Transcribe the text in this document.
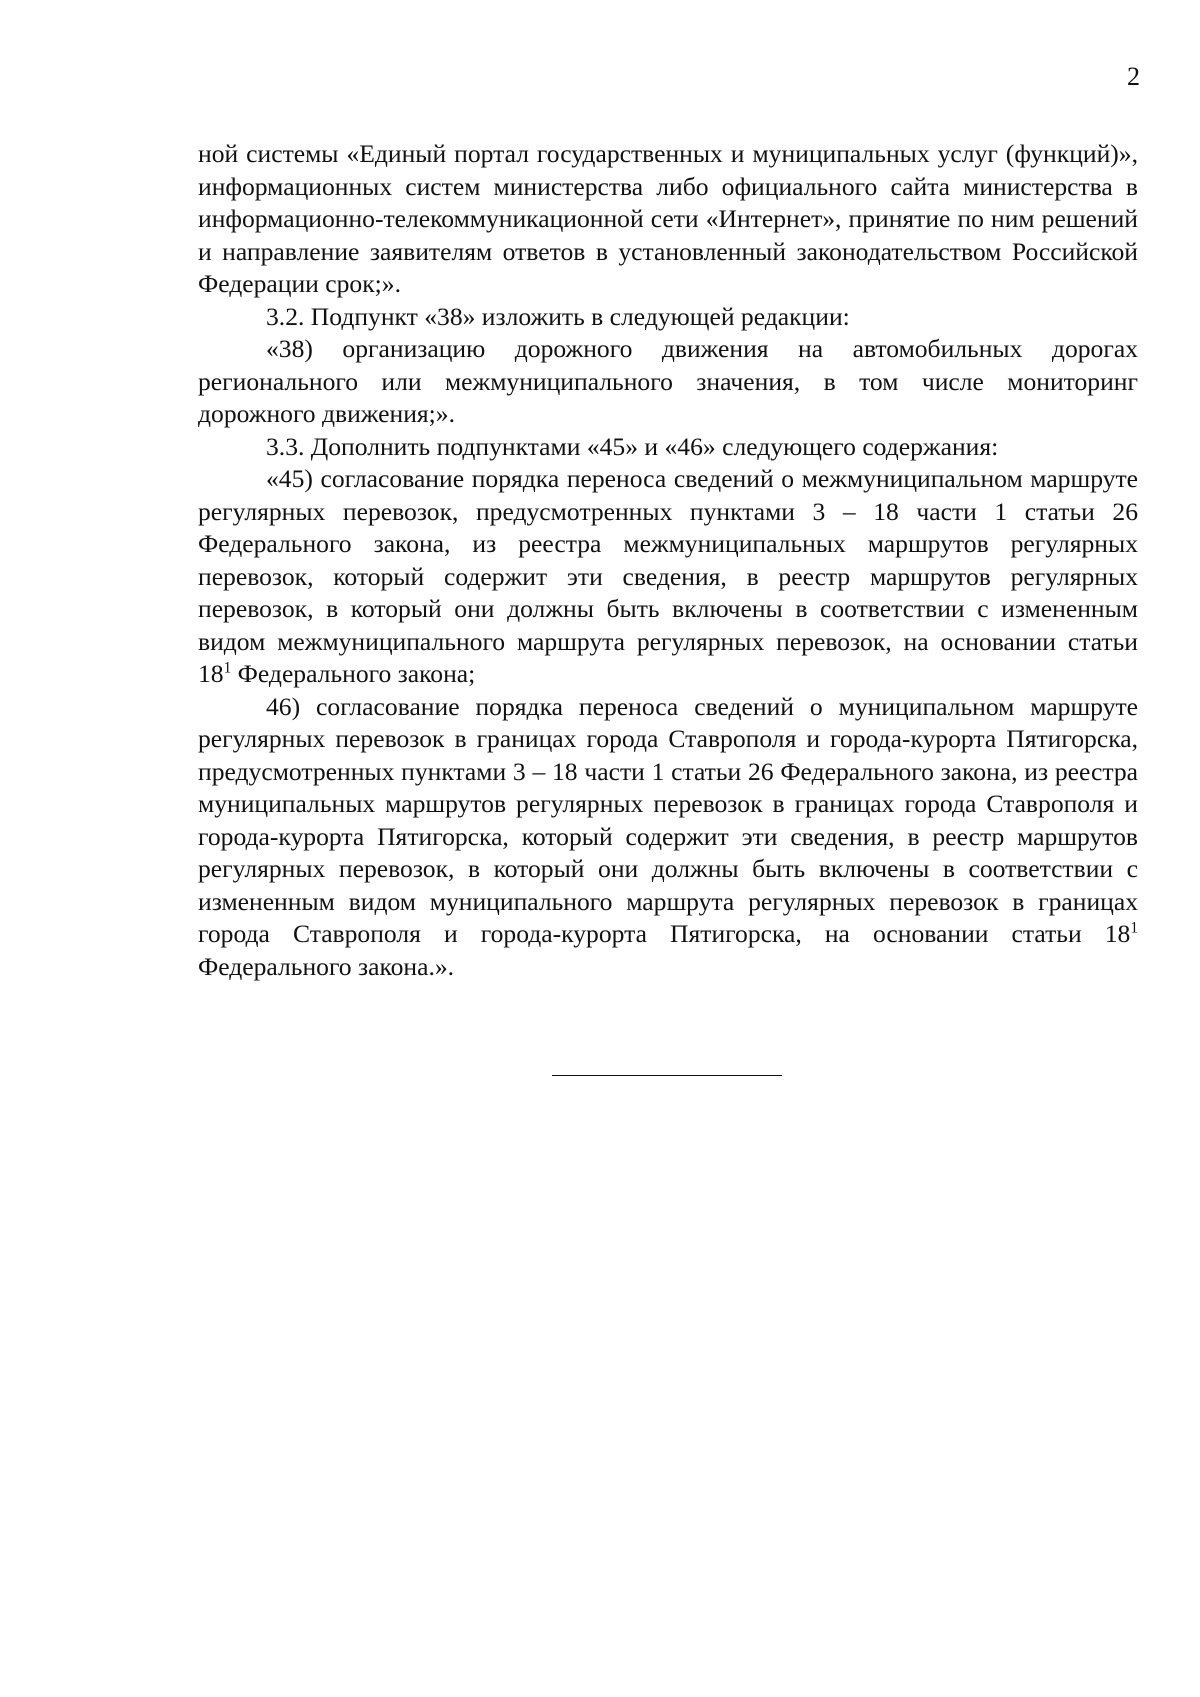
2

ной системы «Единый портал государственных и муниципальных услуг (функций)», информационных систем министерства либо официального сайта министерства в информационно-телекоммуникационной сети «Интернет», принятие по ним решений и направление заявителям ответов в установленный законодательством Российской Федерации срок;».

3.2. Подпункт «38» изложить в следующей редакции:

«38) организацию дорожного движения на автомобильных дорогах регионального или межмуниципального значения, в том числе мониторинг дорожного движения;».

3.3. Дополнить подпунктами «45» и «46» следующего содержания:

«45) согласование порядка переноса сведений о межмуниципальном маршруте регулярных перевозок, предусмотренных пунктами 3 – 18 части 1 статьи 26 Федерального закона, из реестра межмуниципальных маршрутов регулярных перевозок, который содержит эти сведения, в реестр маршрутов регулярных перевозок, в который они должны быть включены в соответствии с измененным видом межмуниципального маршрута регулярных перевозок, на основании статьи $18^1$ Федерального закона;

46) согласование порядка переноса сведений о муниципальном маршруте регулярных перевозок в границах города Ставрополя и города-курорта Пятигорска, предусмотренных пунктами 3 – 18 части 1 статьи 26 Федерального закона, из реестра муниципальных маршрутов регулярных перевозок в границах города Ставрополя и города-курорта Пятигорска, который содержит эти сведения, в реестр маршрутов регулярных перевозок, в который они должны быть включены в соответствии с измененным видом муниципального маршрута регулярных перевозок в границах города Ставрополя и города-курорта Пятигорска, на основании статьи $18^1$ Федерального закона.».
